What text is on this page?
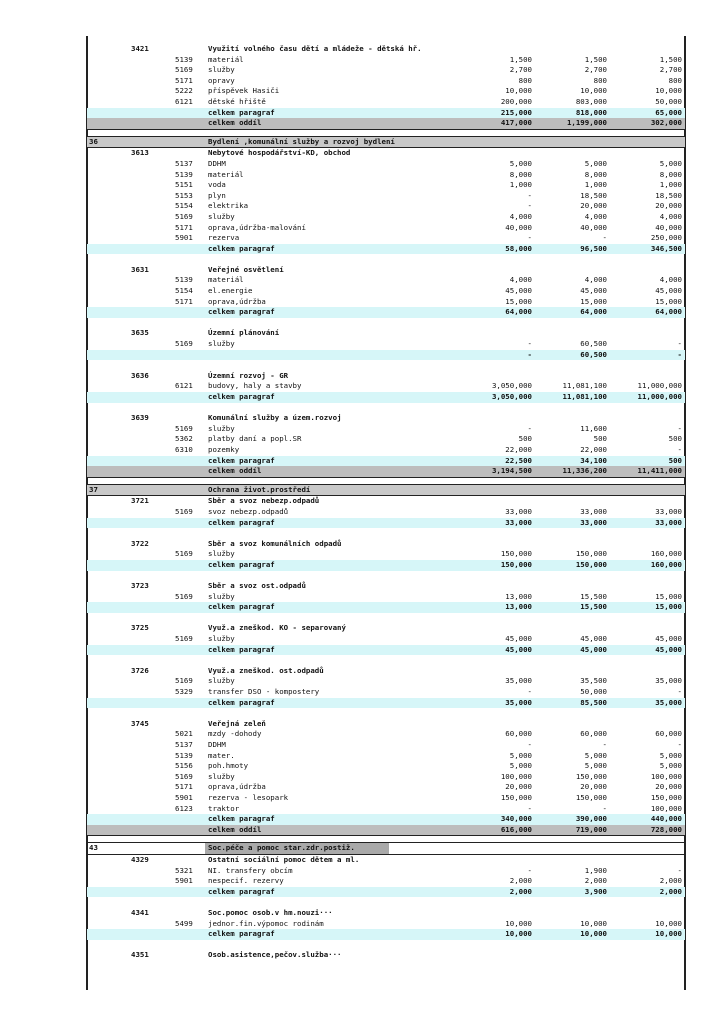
3421	Využití volného času dětí a mládeže - dětská hř.
5139 materiál	1,500	1,500	1,500
5169 služby	2,700	2,700	2,700
5171 opravy	800	800	800
5222 příspěvek Hasiči	10,000	10,000	10,000
6121 dětské hřiště	200,000	803,000	50,000
celkem paragraf	215,000	818,000	65,000
celkem oddíl	417,000	1,199,000	302,000
36	Bydlení ,komunální služby a rozvoj bydlení
3613	Nebytové hospodářství-KD, obchod
5137 DDHM	5,000	5,000	5,000
5139 materiál	8,000	8,000	8,000
5151 voda	1,000	1,000	1,000
5153 plyn	-	18,500	18,500
5154 elektrika	-	20,000	20,000
5169 služby	4,000	4,000	4,000
5171 oprava,údržba-malování	40,000	40,000	40,000
5901 rezerva	-	-	250,000
celkem paragraf	58,000	96,500	346,500
3631	Veřejné osvětlení
5139 materiál	4,000	4,000	4,000
5154 el.energie	45,000	45,000	45,000
5171 oprava,údržba	15,000	15,000	15,000
celkem paragraf	64,000	64,000	64,000
3635	Územní plánování
5169 služby	-	60,500	-
-	60,500	-
3636	Územní rozvoj - GR
6121 budovy, haly a stavby	3,050,000	11,081,100	11,000,000
celkem paragraf	3,050,000	11,081,100	11,000,000
3639	Komunální služby a územ.rozvoj
5169 služby	-	11,600	-
5362 platby daní a popl.SR	500	500	500
6310 pozemky	22,000	22,000	-
celkem paragraf	22,500	34,100	500
celkem oddíl	3,194,500	11,336,200	11,411,000
37	Ochrana život.prostředí
3721	Sběr a svoz nebezp.odpadů
5169 svoz nebezp.odpadů	33,000	33,000	33,000
celkem paragraf	33,000	33,000	33,000
3722	Sběr a svoz komunálních odpadů
5169 služby	150,000	150,000	160,000
celkem paragraf	150,000	150,000	160,000
3723	Sběr a svoz ost.odpadů
5169 služby	13,000	15,500	15,000
celkem paragraf	13,000	15,500	15,000
3725	Využ.a zneškod. KO - separovaný
5169 služby	45,000	45,000	45,000
celkem paragraf	45,000	45,000	45,000
3726	Využ.a zneškod. ost.odpadů
5169 služby	35,000	35,500	35,000
5329 transfer DSO - kompostery	-	50,000	-
celkem paragraf	35,000	85,500	35,000
3745	Veřejná zeleň
5021 mzdy -dohody	60,000	60,000	60,000
5137 DDHM	-	-	-
5139 mater.	5,000	5,000	5,000
5156 poh.hmoty	5,000	5,000	5,000
5169 služby	100,000	150,000	100,000
5171 oprava,údržba	20,000	20,000	20,000
5901 rezerva - lesopark	150,000	150,000	150,000
6123 traktor	-	-	100,000
celkem paragraf	340,000	390,000	440,000
celkem oddíl	616,000	719,000	728,000
43	Soc.péče a pomoc star.zdr.postiž.
4329	Ostatní sociální pomoc dětem a ml.
5321 NI. transfery obcím	-	1,900	-
5901 nespecif. rezervy	2,000	2,000	2,000
celkem paragraf	2,000	3,900	2,000
4341	Soc.pomoc osob.v hm.nouzi···
5499 jednor.fin.výpomoc rodinám	10,000	10,000	10,000
celkem paragraf	10,000	10,000	10,000
4351	Osob.asistence,pečov.služba···
